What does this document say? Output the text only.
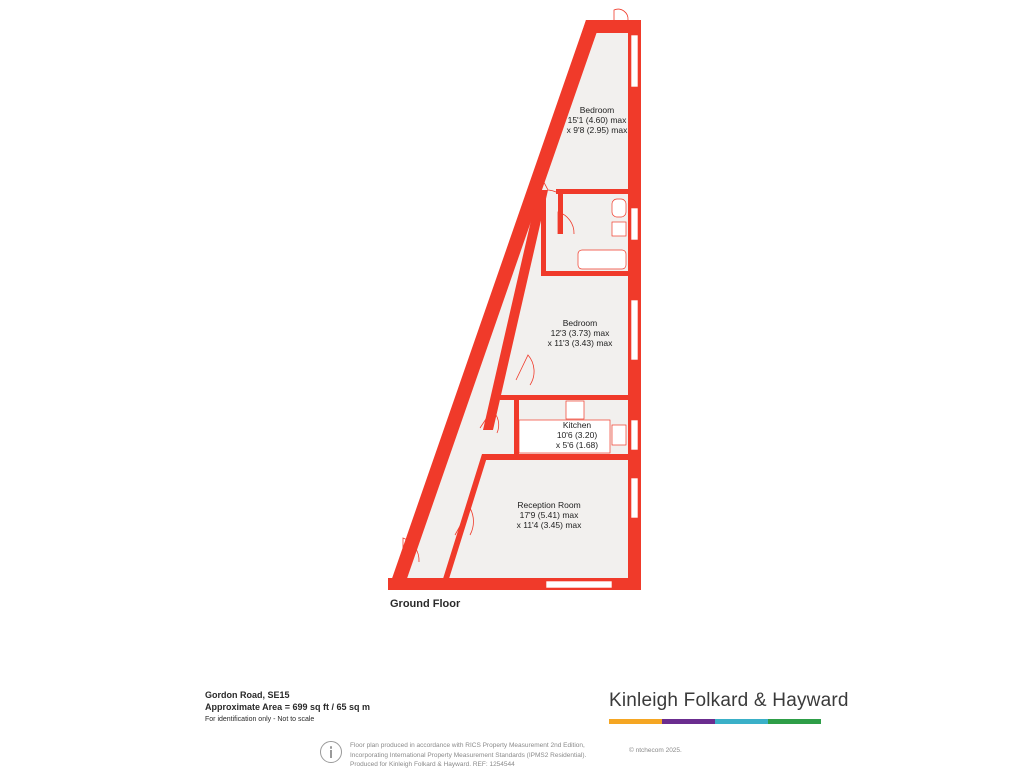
Bedroom 15'1 (4.60) max x 9'8 (2.95) max
Bedroom 12'3 (3.73) max x 11'3 (3.43) max
Kitchen 10'6 (3.20) x 5'6 (1.68)
Reception Room 17'9 (5.41) max x 11'4 (3.45) max
Ground Floor
Gordon Road, SE15
Approximate Area = 699 sq ft / 65 sq m
For identification only - Not to scale
Kinleigh Folkard & Hayward
Floor plan produced in accordance with RICS Property Measurement 2nd Edition,
Incorporating International Property Measurement Standards (IPMS2 Residential).
Produced for Kinleigh Folkard & Hayward. REF: 1254544
© ntchecom 2025.
